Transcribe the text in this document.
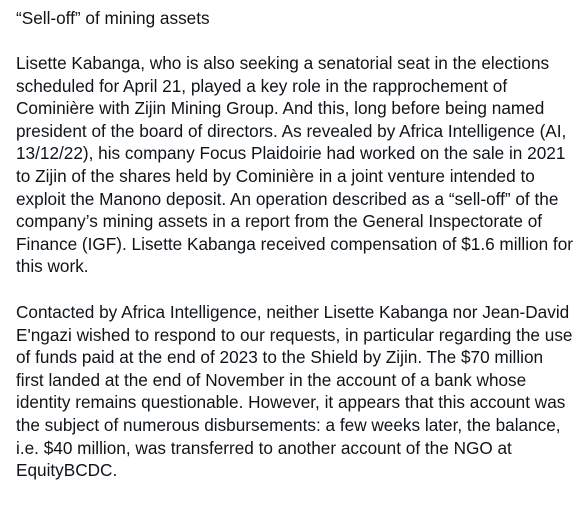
“Sell-off” of mining assets

Lisette Kabanga, who is also seeking a senatorial seat in the elections scheduled for April 21, played a key role in the rapprochement of Cominière with Zijin Mining Group. And this, long before being named president of the board of directors. As revealed by Africa Intelligence (AI, 13/12/22), his company Focus Plaidoirie had worked on the sale in 2021 to Zijin of the shares held by Cominière in a joint venture intended to exploit the Manono deposit. An operation described as a “sell-off” of the company’s mining assets in a report from the General Inspectorate of Finance (IGF). Lisette Kabanga received compensation of $1.6 million for this work.

Contacted by Africa Intelligence, neither Lisette Kabanga nor Jean-David E'ngazi wished to respond to our requests, in particular regarding the use of funds paid at the end of 2023 to the Shield by Zijin. The $70 million first landed at the end of November in the account of a bank whose identity remains questionable. However, it appears that this account was the subject of numerous disbursements: a few weeks later, the balance, i.e. $40 million, was transferred to another account of the NGO at EquityBCDC.
